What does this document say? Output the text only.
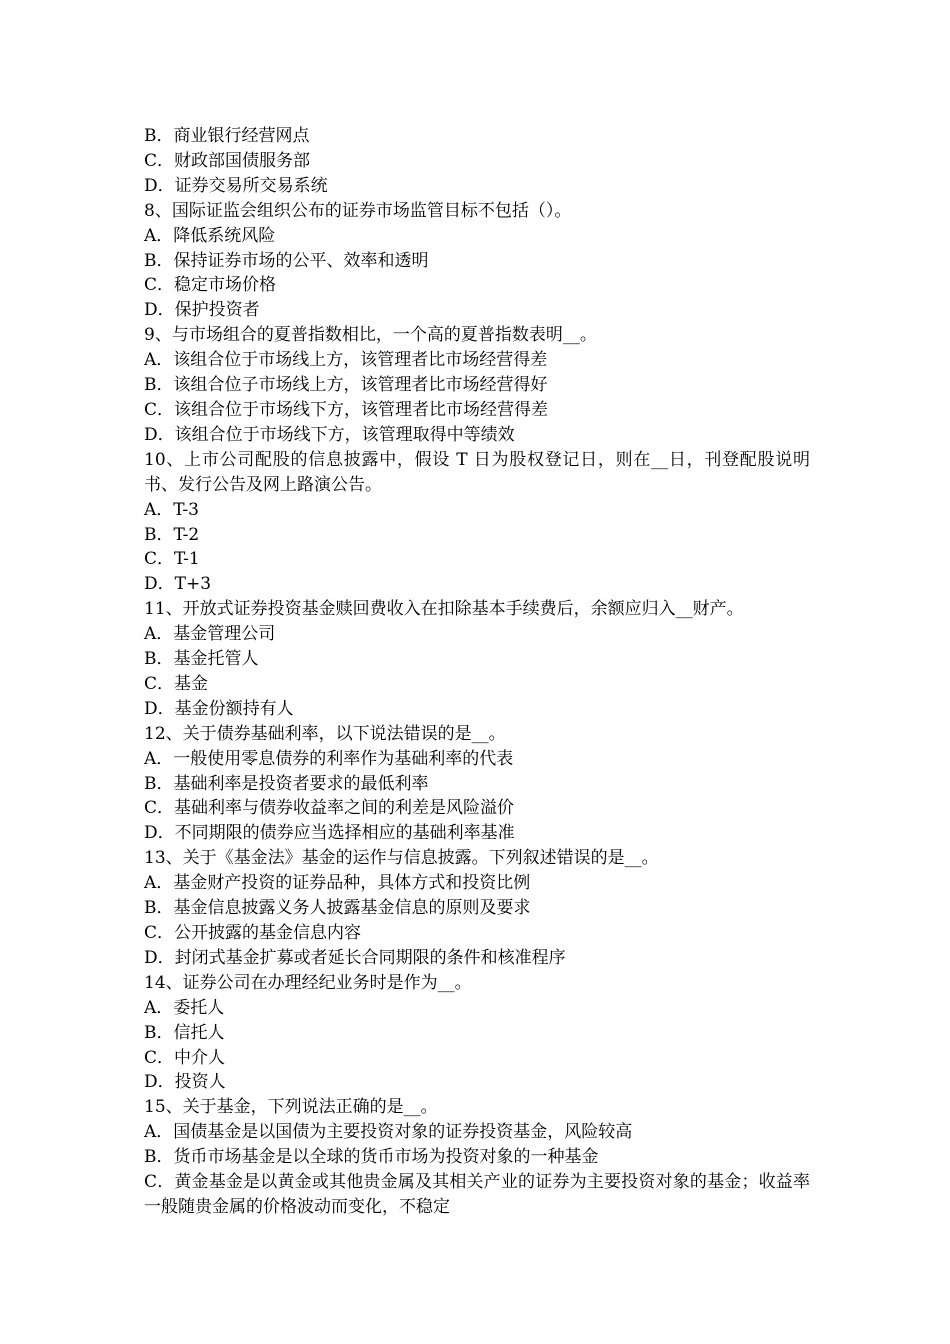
B．商业银行经营网点

C．财政部国债服务部

D．证券交易所交易系统

8、国际证监会组织公布的证券市场监管目标不包括（）。

A．降低系统风险

B．保持证券市场的公平、效率和透明

C．稳定市场价格

D．保护投资者

9、与市场组合的夏普指数相比，一个高的夏普指数表明__。

A．该组合位于市场线上方，该管理者比市场经营得差

B．该组合位子市场线上方，该管理者比市场经营得好

C．该组合位于市场线下方，该管理者比市场经营得差

D．该组合位于市场线下方，该管理取得中等绩效

10、上市公司配股的信息披露中，假设 T 日为股权登记日，则在__日，刊登配股说明书、发行公告及网上路演公告。

A．T-3

B．T-2

C．T-1

D．T+3

11、开放式证券投资基金赎回费收入在扣除基本手续费后，余额应归入__财产。

A．基金管理公司

B．基金托管人

C．基金

D．基金份额持有人

12、关于债券基础利率，以下说法错误的是__。

A．一般使用零息债券的利率作为基础利率的代表

B．基础利率是投资者要求的最低利率

C．基础利率与债券收益率之间的利差是风险溢价

D．不同期限的债券应当选择相应的基础利率基准

13、关于《基金法》基金的运作与信息披露。下列叙述错误的是__。

A．基金财产投资的证券品种，具体方式和投资比例

B．基金信息披露义务人披露基金信息的原则及要求

C．公开披露的基金信息内容

D．封闭式基金扩募或者延长合同期限的条件和核准程序

14、证券公司在办理经纪业务时是作为__。

A．委托人

B．信托人

C．中介人

D．投资人

15、关于基金，下列说法正确的是__。

A．国债基金是以国债为主要投资对象的证券投资基金，风险较高

B．货币市场基金是以全球的货币市场为投资对象的一种基金

C．黄金基金是以黄金或其他贵金属及其相关产业的证券为主要投资对象的基金；收益率一般随贵金属的价格波动而变化，不稳定
